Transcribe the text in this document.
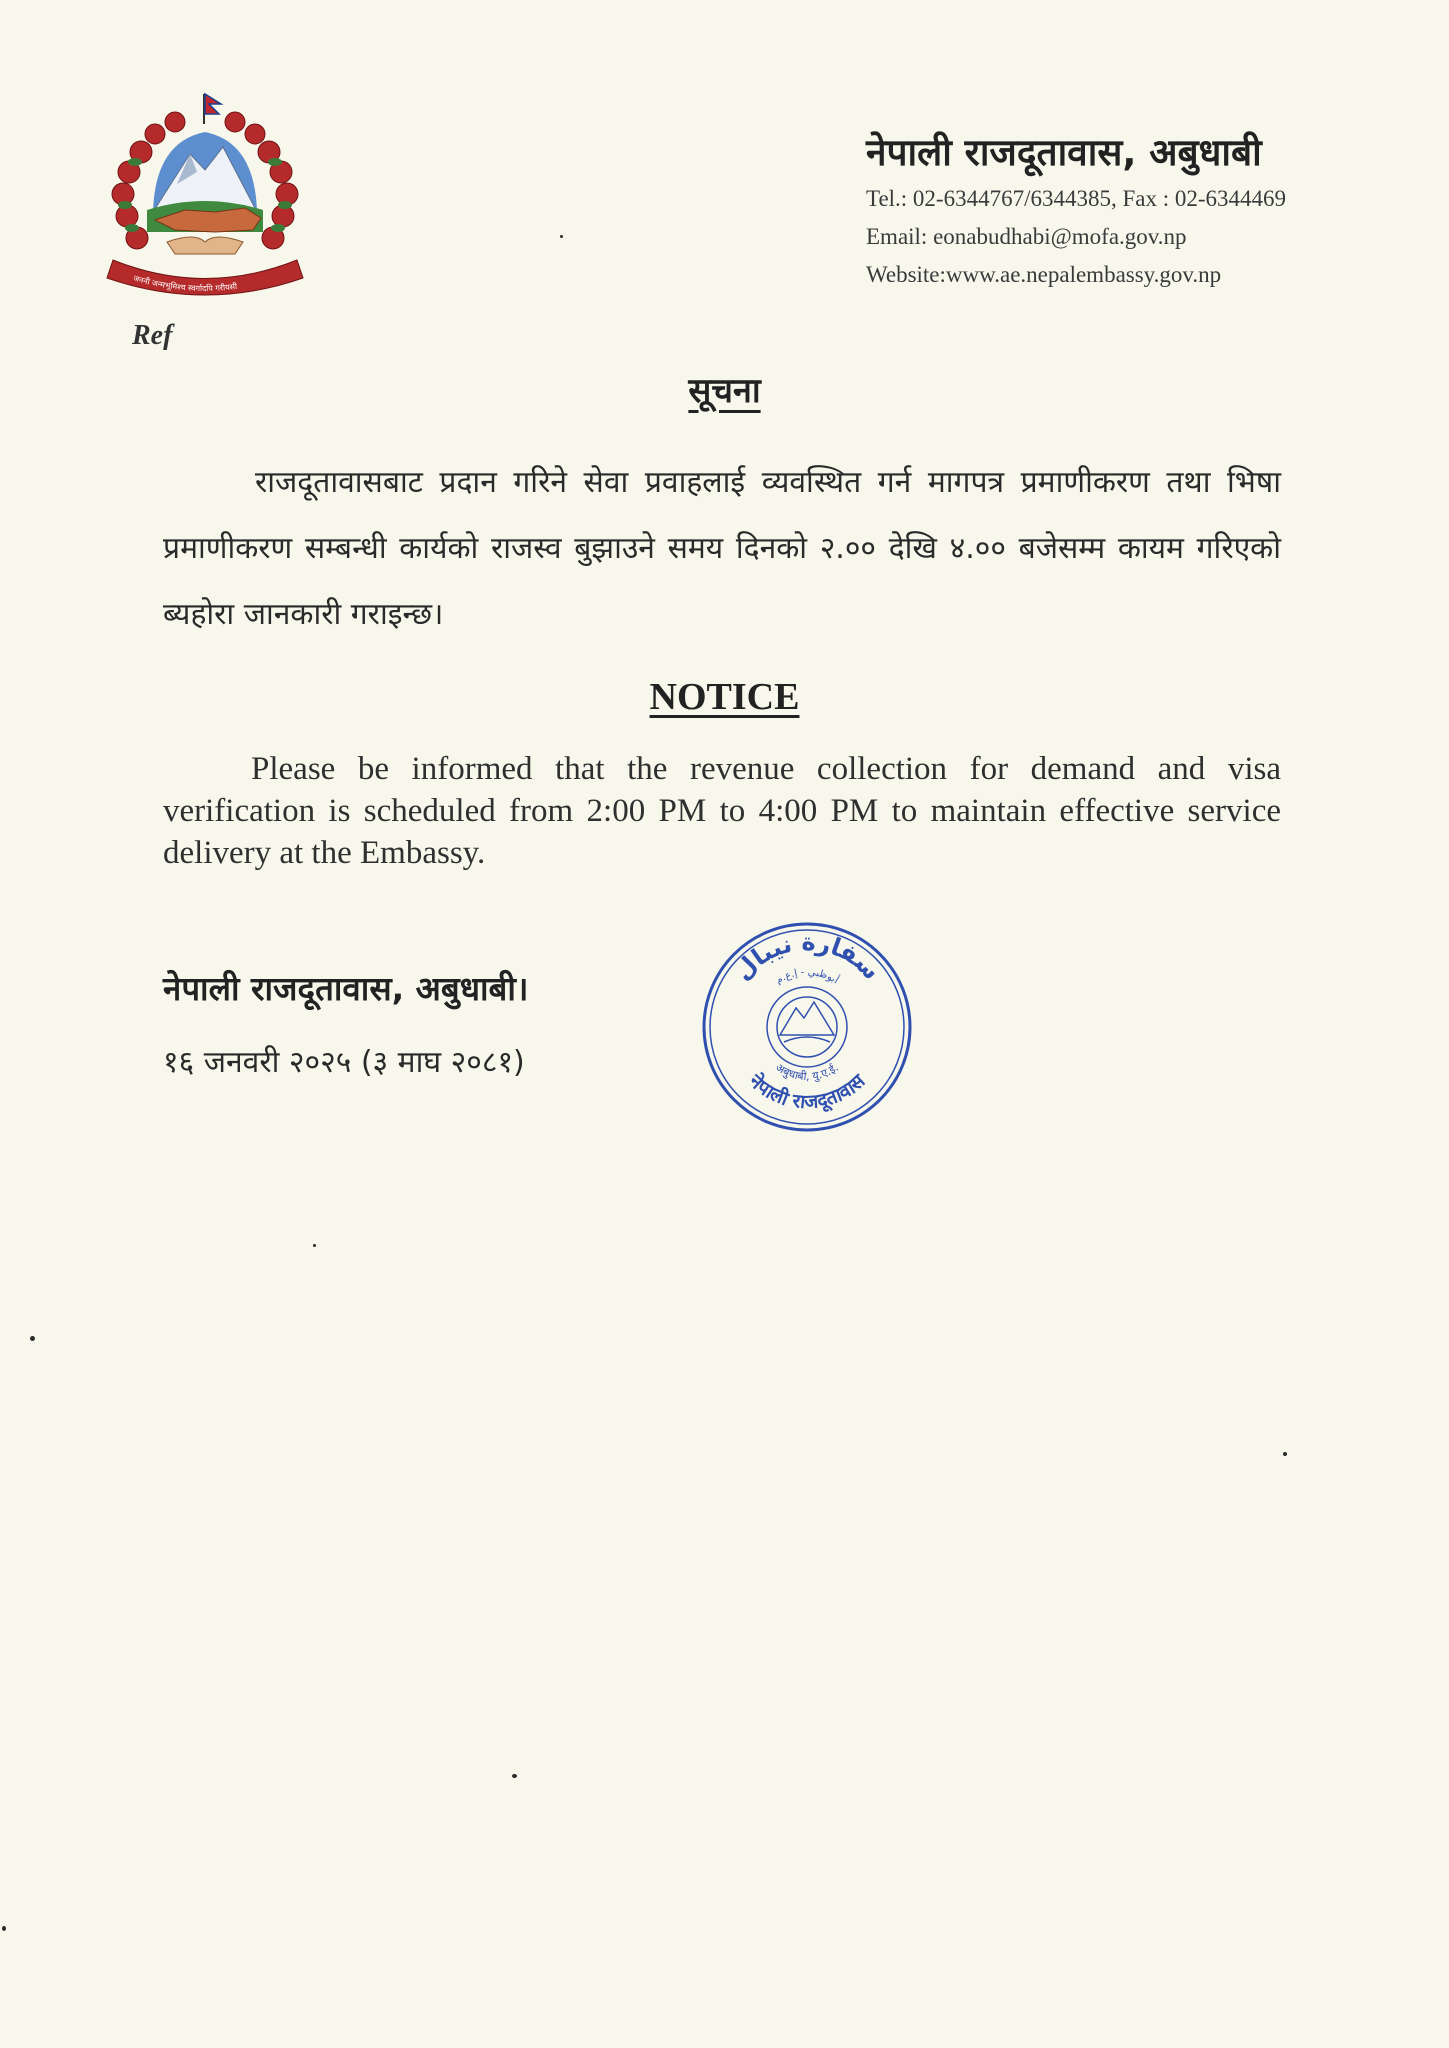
जननी जन्मभूमिश्च स्वर्गादपि गरीयसी
Ref
नेपाली राजदूतावास, अबुधाबी
Tel.: 02-6344767/6344385, Fax : 02-6344469
Email: eonabudhabi@mofa.gov.np
Website:www.ae.nepalembassy.gov.np
सूचना
राजदूतावासबाट प्रदान गरिने सेवा प्रवाहलाई व्यवस्थित गर्न मागपत्र प्रमाणीकरण तथा भिषा प्रमाणीकरण सम्बन्धी कार्यको राजस्व बुझाउने समय दिनको २.०० देखि ४.०० बजेसम्म कायम गरिएको ब्यहोरा जानकारी गराइन्छ।
NOTICE
Please be informed that the revenue collection for demand and visa verification is scheduled from 2:00 PM to 4:00 PM to maintain effective service delivery at the Embassy.
नेपाली राजदूतावास, अबुधाबी।
१६ जनवरी २०२५ (३ माघ २०८१)
سفارة نيبال
أبوظبي - إ.ع.م
नेपाली राजदूतावास
अबुधाबी, यु.ए.ई.
